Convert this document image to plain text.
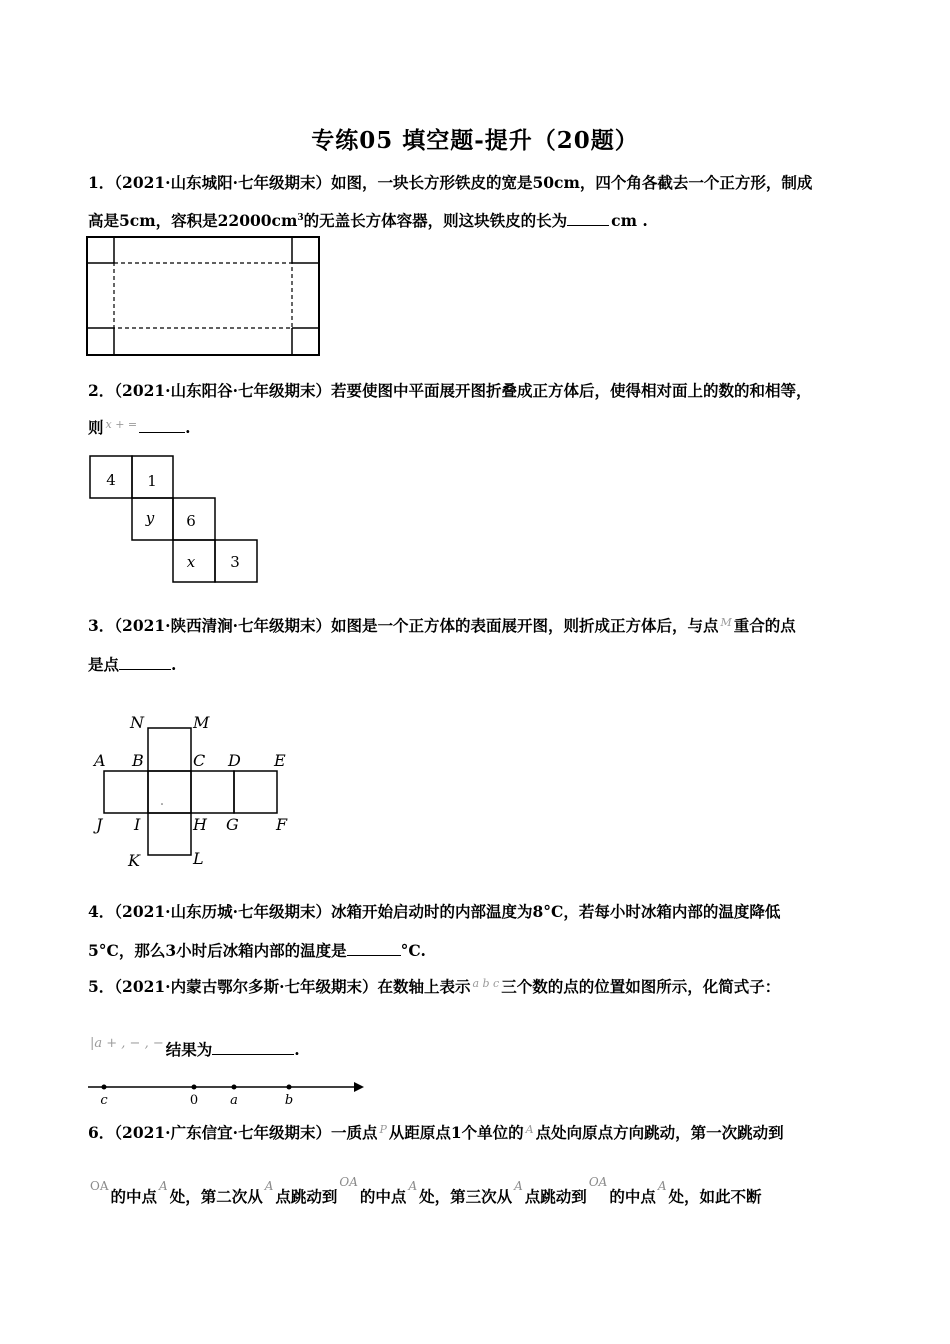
专练05 填空题-提升（20题）
1．（2021·山东城阳·七年级期末）如图，一块长方形铁皮的宽是50cm，四个角各截去一个正方形，制成
高是5cm，容积是$22000cm^3$的无盖长方体容器，则这块铁皮的长为	cm .
2．（2021·山东阳谷·七年级期末）若要使图中平面展开图折叠成正方体后，使得相对面上的数的和相等，
则 $^{x + =}$	.
4 1
y 6
x 3
3．（2021·陕西清涧·七年级期末）如图是一个正方体的表面展开图，则折成正方体后，与点 $^M$ 重合的点
是点	.
N	M
A B	C D E
J I	H G F
K	L
4．（2021·山东历城·七年级期末）冰箱开始启动时的内部温度为8°C，若每小时冰箱内部的温度降低
5°C，那么3小时后冰箱内部的温度是	°C.
5．（2021·内蒙古鄂尔多斯·七年级期末）在数轴上表示 $^{a b c}$ 三个数的点的位置如图所示，化简式子：
$^{|a + , - , -}$ 结果为	.
c	0 a	b
6．（2021·广东信宜·七年级期末）一质点 $^P$ 从距原点1个单位的 $^A$ 点处向原点方向跳动，第一次跳动到
$^{OA}$的中点$^A$处，第二次从$^A$点跳动到$^{OA}$的中点$^A$处，第三次从$^A$点跳动到$^{OA}$的中点$^A$处，如此不断
